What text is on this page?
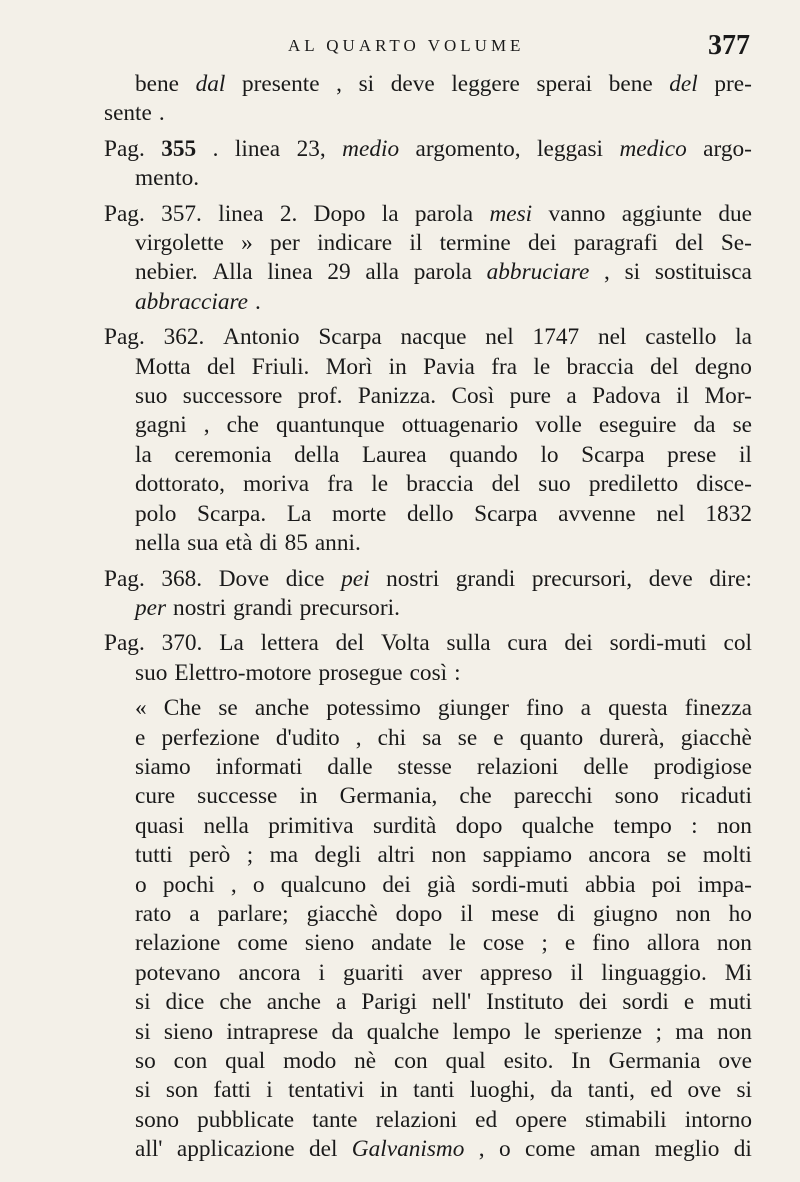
AL QUARTO VOLUME	377
bene dal presente , si deve leggere sperai bene del pre-
sente .
Pag. 355 . linea 23, medio argomento, leggasi medico argo-
mento.
Pag. 357. linea 2. Dopo la parola mesi vanno aggiunte due
virgolette » per indicare il termine dei paragrafi del Se-
nebier. Alla linea 29 alla parola abbruciare , si sostituisca
abbracciare .
Pag. 362. Antonio Scarpa nacque nel 1747 nel castello la
Motta del Friuli. Morì in Pavia fra le braccia del degno
suo successore prof. Panizza. Così pure a Padova il Mor-
gagni , che quantunque ottuagenario volle eseguire da se
la ceremonia della Laurea quando lo Scarpa prese il
dottorato, moriva fra le braccia del suo prediletto disce-
polo Scarpa. La morte dello Scarpa avvenne nel 1832
nella sua età di 85 anni.
Pag. 368. Dove dice pei nostri grandi precursori, deve dire:
per nostri grandi precursori.
Pag. 370. La lettera del Volta sulla cura dei sordi-muti col
suo Elettro-motore prosegue così :
« Che se anche potessimo giunger fino a questa finezza
e perfezione d'udito , chi sa se e quanto durerà, giacchè
siamo informati dalle stesse relazioni delle prodigiose
cure successe in Germania, che parecchi sono ricaduti
quasi nella primitiva surdità dopo qualche tempo : non
tutti però ; ma degli altri non sappiamo ancora se molti
o pochi , o qualcuno dei già sordi-muti abbia poi impa-
rato a parlare; giacchè dopo il mese di giugno non ho
relazione come sieno andate le cose ; e fino allora non
potevano ancora i guariti aver appreso il linguaggio. Mi
si dice che anche a Parigi nell' Instituto dei sordi e muti
si sieno intraprese da qualche lempo le sperienze ; ma non
so con qual modo nè con qual esito. In Germania ove
si son fatti i tentativi in tanti luoghi, da tanti, ed ove si
sono pubblicate tante relazioni ed opere stimabili intorno
all' applicazione del Galvanismo , o come aman meglio di
